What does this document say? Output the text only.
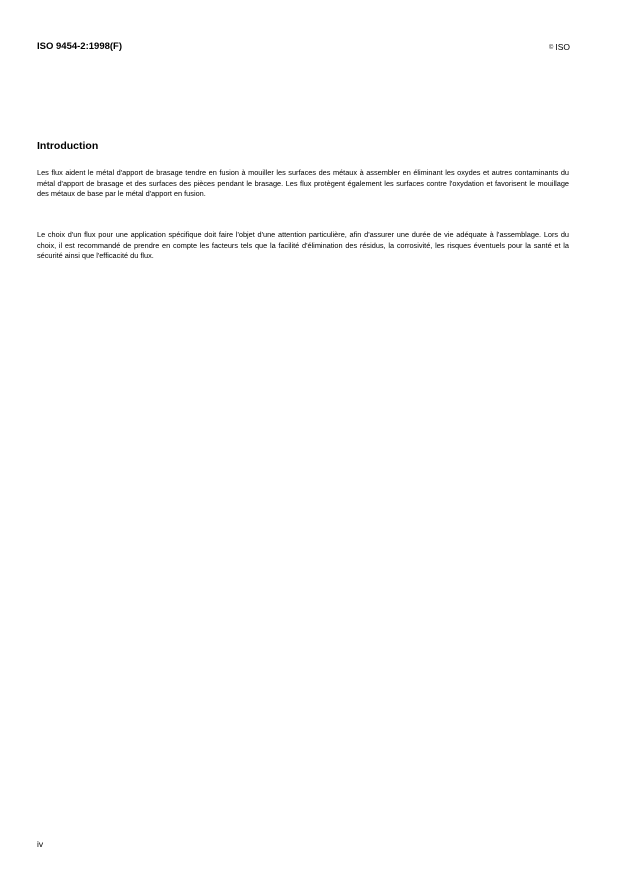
ISO 9454-2:1998(F)	© ISO
Introduction

Les flux aident le métal d'apport de brasage tendre en fusion à mouiller les surfaces des métaux à assembler en éliminant les oxydes et autres contaminants du métal d'apport de brasage et des surfaces des pièces pendant le brasage. Les flux protègent également les surfaces contre l'oxydation et favorisent le mouillage des métaux de base par le métal d'apport en fusion.

Le choix d'un flux pour une application spécifique doit faire l'objet d'une attention particulière, afin d'assurer une durée de vie adéquate à l'assemblage. Lors du choix, il est recommandé de prendre en compte les facteurs tels que la facilité d'élimination des résidus, la corrosivité, les risques éventuels pour la santé et la sécurité ainsi que l'efficacité du flux.

iv
